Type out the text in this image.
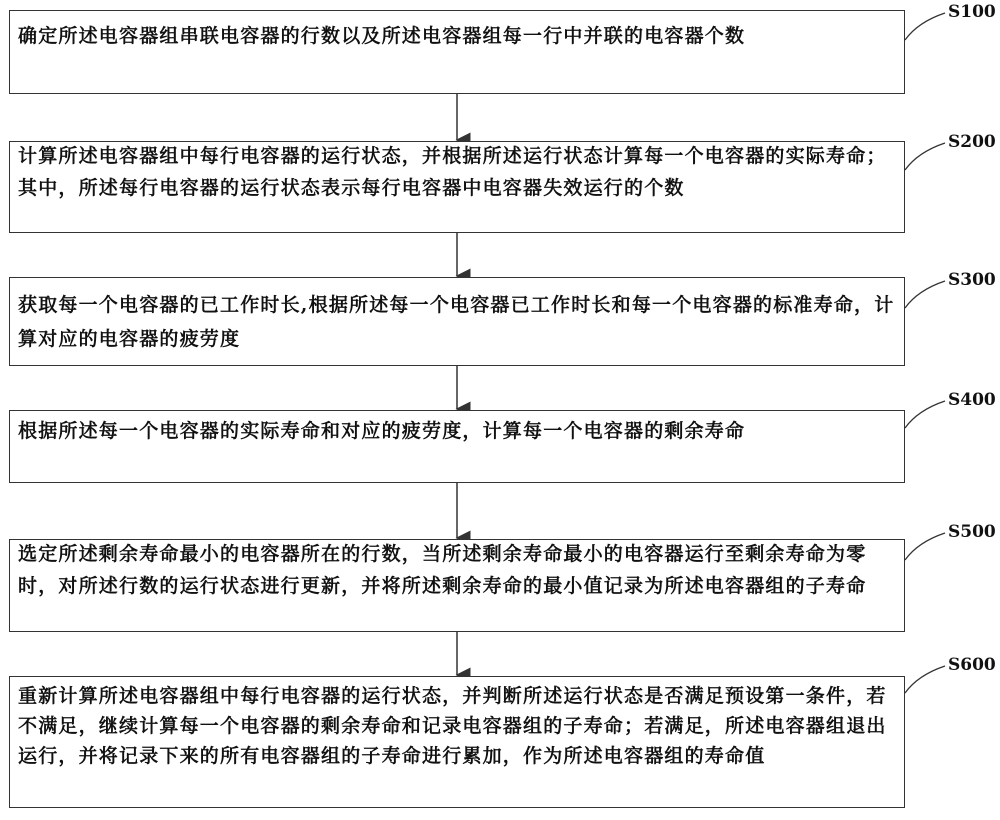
确定所述电容器组串联电容器的行数以及所述电容器组每一行中并联的电容器个数
S100
计算所述电容器组中每行电容器的运行状态，并根据所述运行状态计算每一个电容器的实际寿命；其中，所述每行电容器的运行状态表示每行电容器中电容器失效运行的个数
S200
获取每一个电容器的已工作时长,根据所述每一个电容器已工作时长和每一个电容器的标准寿命，计算对应的电容器的疲劳度
S300
根据所述每一个电容器的实际寿命和对应的疲劳度，计算每一个电容器的剩余寿命
S400
选定所述剩余寿命最小的电容器所在的行数，当所述剩余寿命最小的电容器运行至剩余寿命为零时，对所述行数的运行状态进行更新，并将所述剩余寿命的最小值记录为所述电容器组的子寿命
S500
重新计算所述电容器组中每行电容器的运行状态，并判断所述运行状态是否满足预设第一条件，若不满足，继续计算每一个电容器的剩余寿命和记录电容器组的子寿命；若满足，所述电容器组退出运行，并将记录下来的所有电容器组的子寿命进行累加，作为所述电容器组的寿命值
S600
